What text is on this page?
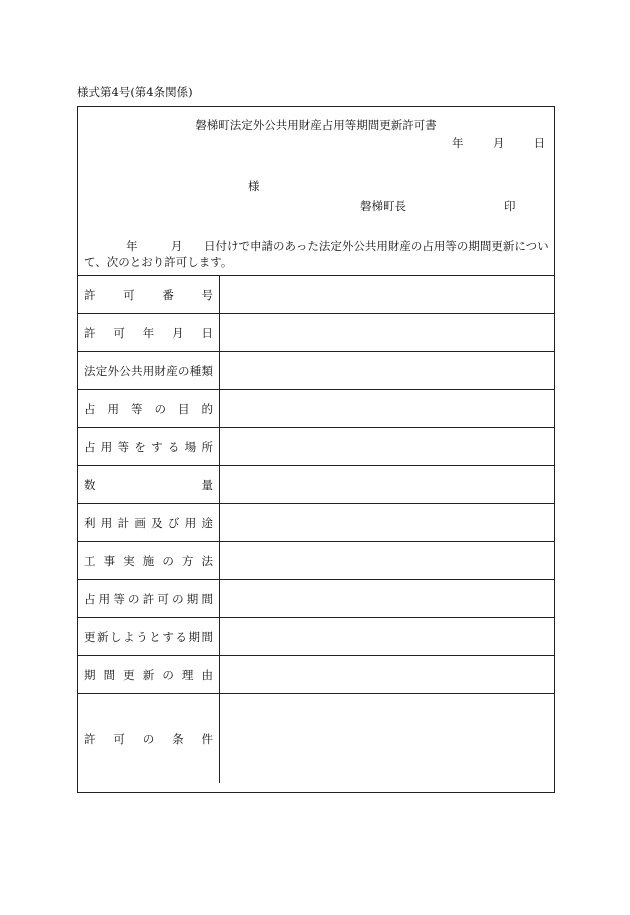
様式第4号(第4条関係)
磐梯町法定外公共用財産占用等期間更新許可書
年	月	日
様
磐梯町長	印
年	月	日付けで申請のあった法定外公共用財産の占用等の期間更新について、次のとおり許可します。
許可番号
許可年月日
法定外公共用財産の種類
占用等の目的
占用等をする場所
数量
利用計画及び用途
工事実施の方法
占用等の許可の期間
更新しようとする期間
期間更新の理由
許可の条件
